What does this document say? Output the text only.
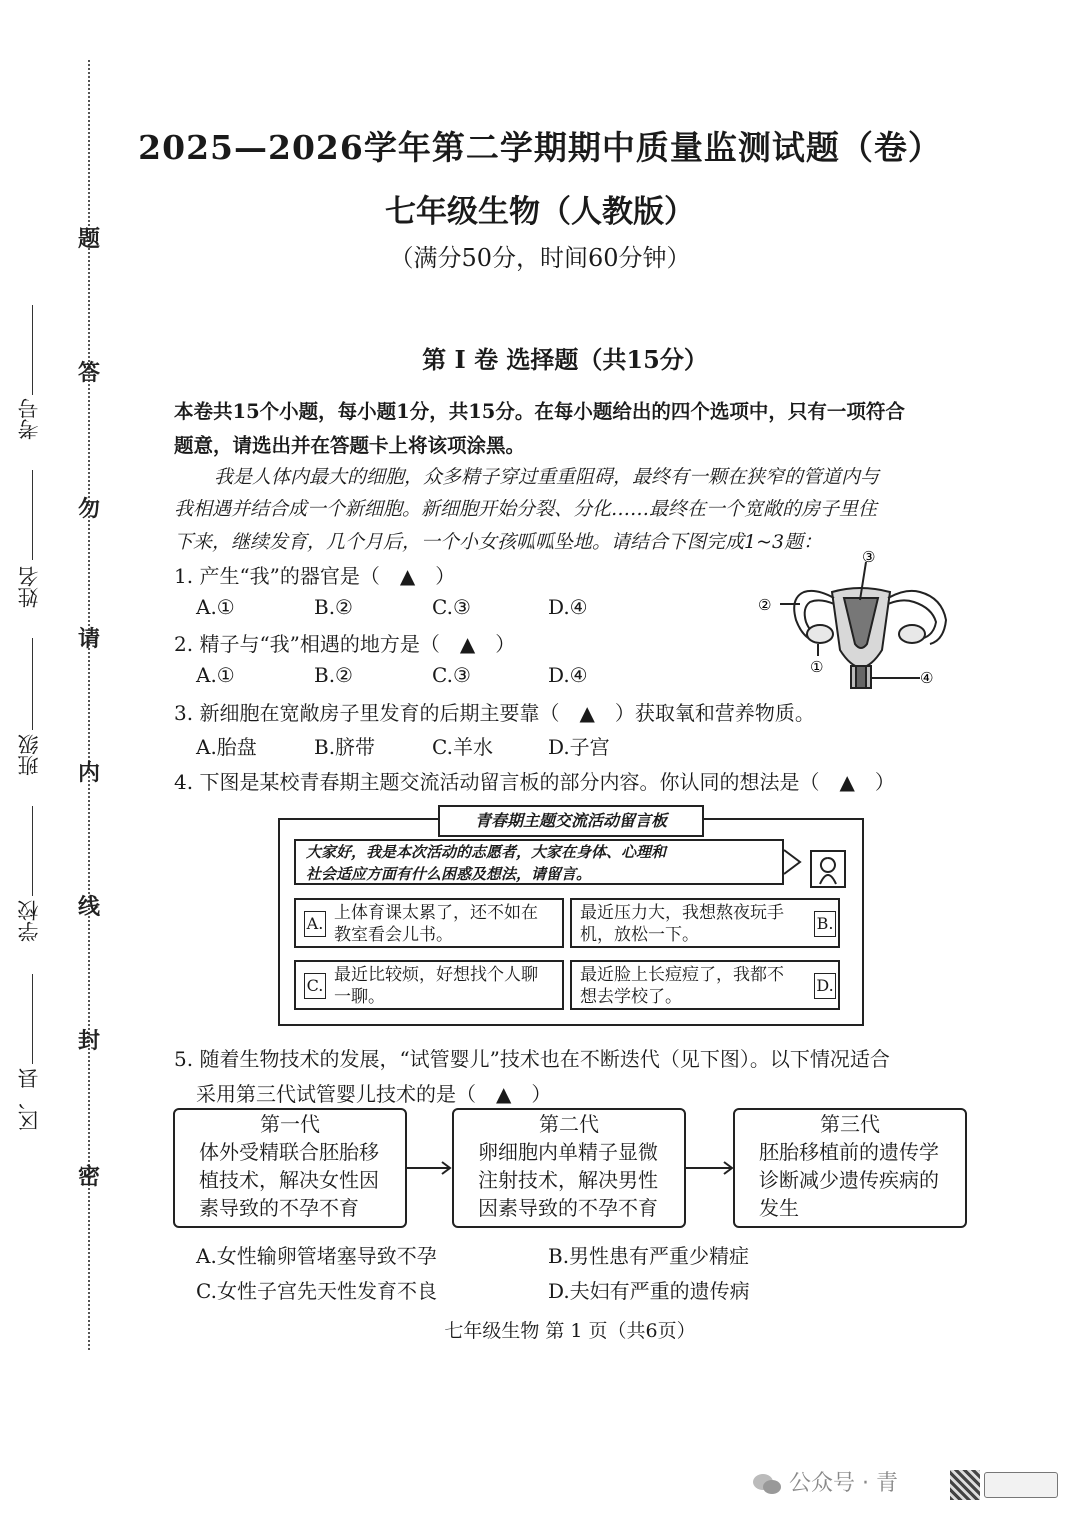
题
答
勿
请
内
线
封
密
考号
姓名
班级
学校
区、县
2025—2026学年第二学期期中质量监测试题（卷）
七年级生物（人教版）
（满分50分，时间60分钟）
第 I 卷 选择题（共15分）
本卷共15个小题，每小题1分，共15分。在每小题给出的四个选项中，只有一项符合
题意，请选出并在答题卡上将该项涂黑。
我是人体内最大的细胞，众多精子穿过重重阻碍，最终有一颗在狭窄的管道内与
我相遇并结合成一个新细胞。新细胞开始分裂、分化……最终在一个宽敞的房子里住
下来，继续发育，几个月后，一个小女孩呱呱坠地。请结合下图完成1~3题：
1. 产生“我”的器官是（　▲　）
A.①	B.②	C.③	D.④
2. 精子与“我”相遇的地方是（　▲　）
A.①	B.②	C.③	D.④
③
②
①
④
3. 新细胞在宽敞房子里发育的后期主要靠（　▲　）获取氧和营养物质。
A.胎盘	B.脐带	C.羊水	D.子宫
4. 下图是某校青春期主题交流活动留言板的部分内容。你认同的想法是（　▲　）
青春期主题交流活动留言板
大家好，我是本次活动的志愿者，大家在身体、心理和
社会适应方面有什么困惑及想法，请留言。
A.
上体育课太累了，还不如在
教室看会儿书。
最近压力大，我想熬夜玩手
机，放松一下。
B.
C.
最近比较烦，好想找个人聊
一聊。
最近脸上长痘痘了，我都不
想去学校了。
D.
5. 随着生物技术的发展，“试管婴儿”技术也在不断迭代（见下图）。以下情况适合
采用第三代试管婴儿技术的是（　▲　）
第一代
体外受精联合胚胎移
植技术，解决女性因
素导致的不孕不育
第二代
卵细胞内单精子显微
注射技术，解决男性
因素导致的不孕不育
第三代
胚胎移植前的遗传学
诊断减少遗传疾病的
发生
A.女性输卵管堵塞导致不孕	B.男性患有严重少精症
C.女性子宫先天性发育不良	D.夫妇有严重的遗传病
七年级生物 第 1 页（共6页）
公众号 · 青
